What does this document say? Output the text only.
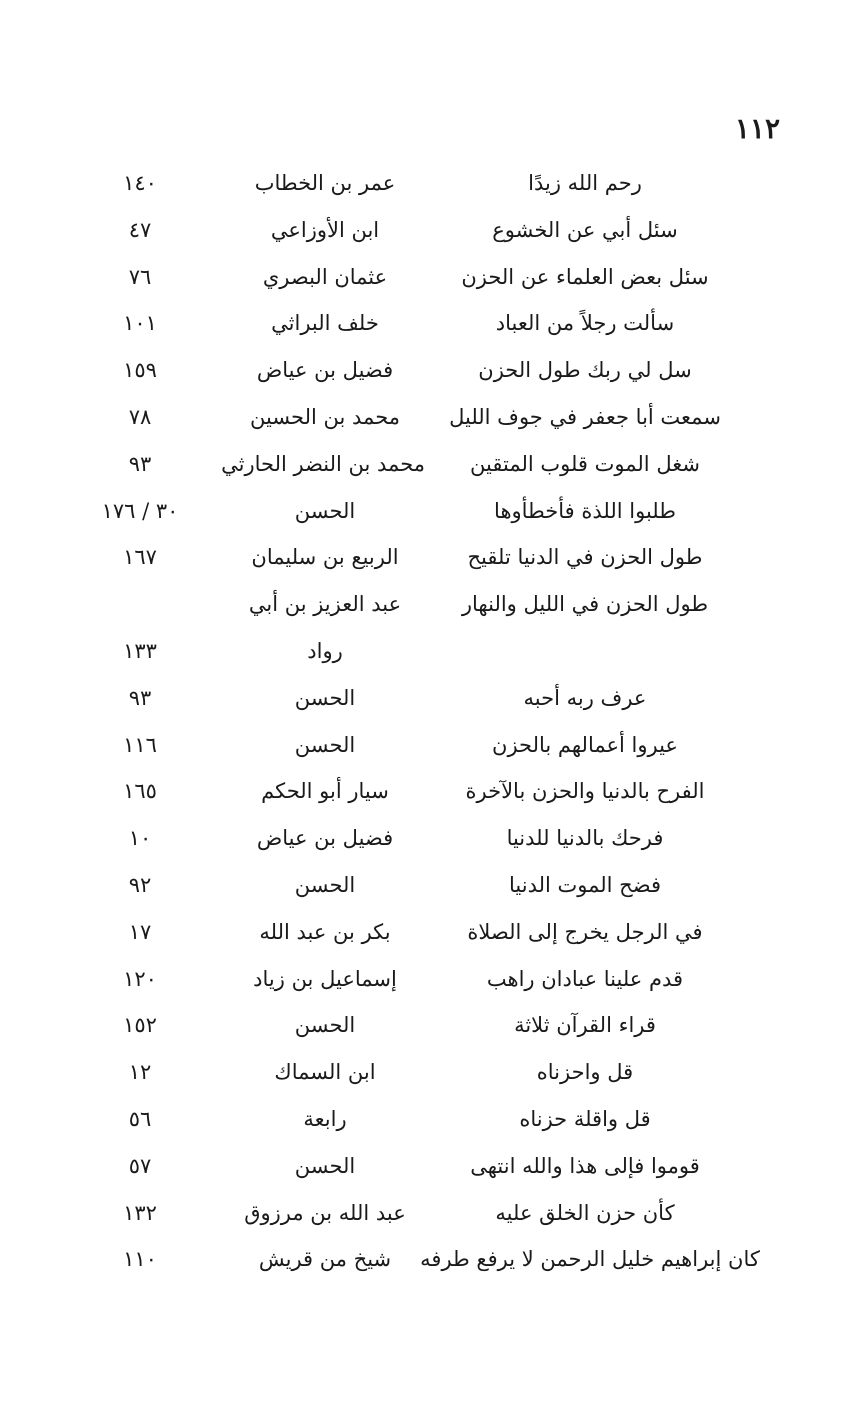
١١٢
رحم الله زيدًا
عمر بن الخطاب
١٤٠
سئل أبي عن الخشوع
ابن الأوزاعي
٤٧
سئل بعض العلماء عن الحزن
عثمان البصري
٧٦
سألت رجلاً من العباد
خلف البراثي
١٠١
سل لي ربك طول الحزن
فضيل بن عياض
١٥٩
سمعت أبا جعفر في جوف الليل
محمد بن الحسين
٧٨
شغل الموت قلوب المتقين
محمد بن النضر الحارثي
٩٣
طلبوا اللذة فأخطأوها
الحسن
٣٠ / ١٧٦
طول الحزن في الدنيا تلقيح
الربيع بن سليمان
١٦٧
طول الحزن في الليل والنهار
عبد العزيز بن أبي
رواد
١٣٣
عرف ربه أحبه
الحسن
٩٣
عيروا أعمالهم بالحزن
الحسن
١١٦
الفرح بالدنيا والحزن بالآخرة
سيار أبو الحكم
١٦٥
فرحك بالدنيا للدنيا
فضيل بن عياض
١٠
فضح الموت الدنيا
الحسن
٩٢
في الرجل يخرج إلى الصلاة
بكر بن عبد الله
١٧
قدم علينا عبادان راهب
إسماعيل بن زياد
١٢٠
قراء القرآن ثلاثة
الحسن
١٥٢
قل واحزناه
ابن السماك
١٢
قل واقلة حزناه
رابعة
٥٦
قوموا فإلى هذا والله انتهى
الحسن
٥٧
كأن حزن الخلق عليه
عبد الله بن مرزوق
١٣٢
كان إبراهيم خليل الرحمن لا يرفع طرفه
شيخ من قريش
١١٠
